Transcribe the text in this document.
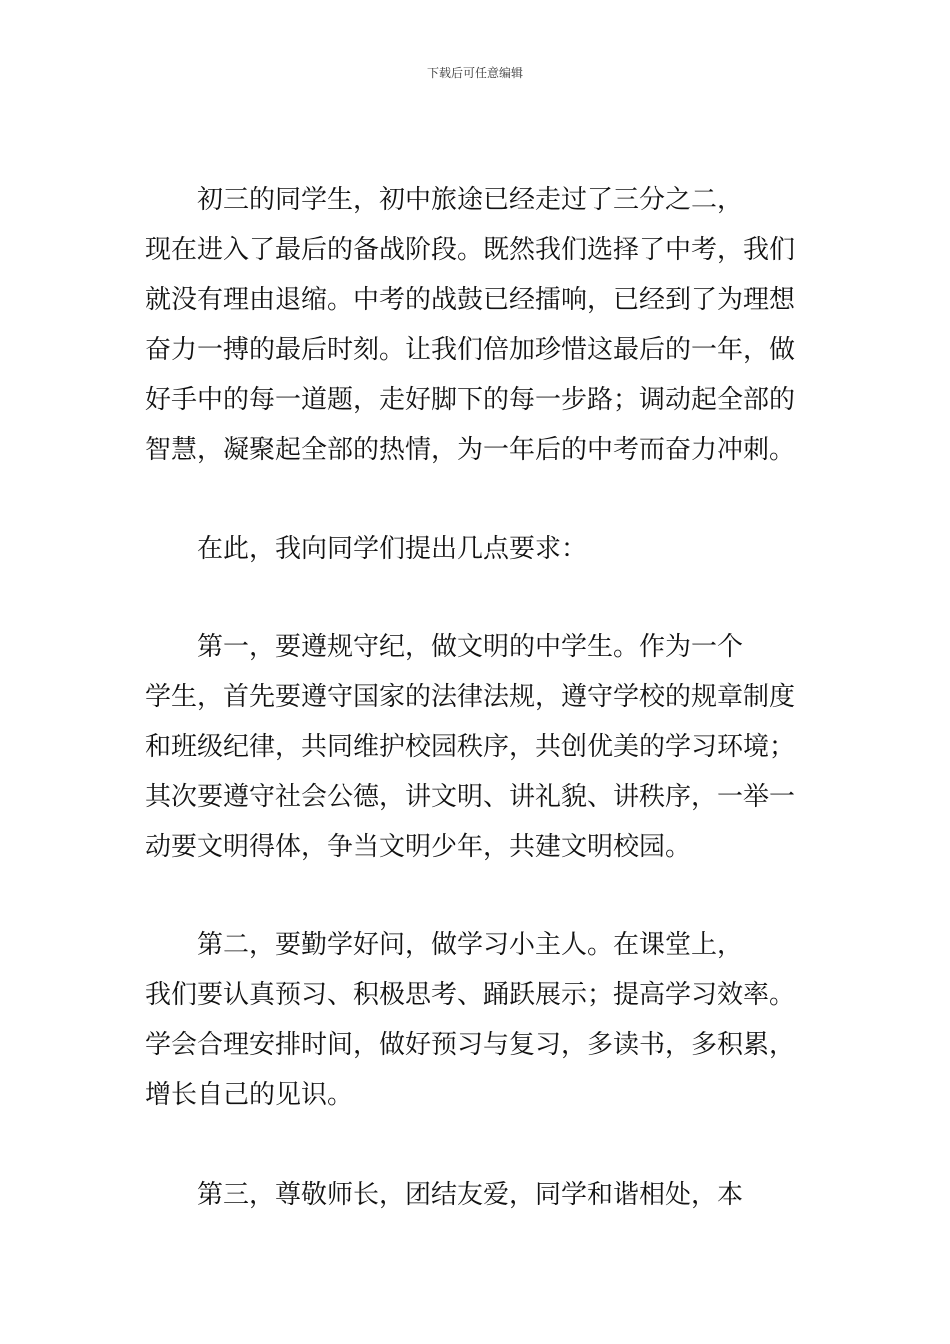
下载后可任意编辑
　　初三的同学生，初中旅途已经走过了三分之二，
现在进入了最后的备战阶段。既然我们选择了中考，我们
就没有理由退缩。中考的战鼓已经擂响，已经到了为理想
奋力一搏的最后时刻。让我们倍加珍惜这最后的一年，做
好手中的每一道题，走好脚下的每一步路；调动起全部的
智慧，凝聚起全部的热情，为一年后的中考而奋力冲刺。
　　在此，我向同学们提出几点要求：
　　第一，要遵规守纪，做文明的中学生。作为一个
学生，首先要遵守国家的法律法规，遵守学校的规章制度
和班级纪律，共同维护校园秩序，共创优美的学习环境；
其次要遵守社会公德，讲文明、讲礼貌、讲秩序，一举一
动要文明得体，争当文明少年，共建文明校园。
　　第二，要勤学好问，做学习小主人。在课堂上，
我们要认真预习、积极思考、踊跃展示；提高学习效率。
学会合理安排时间，做好预习与复习，多读书，多积累，
增长自己的见识。
　　第三，尊敬师长，团结友爱，同学和谐相处，本
